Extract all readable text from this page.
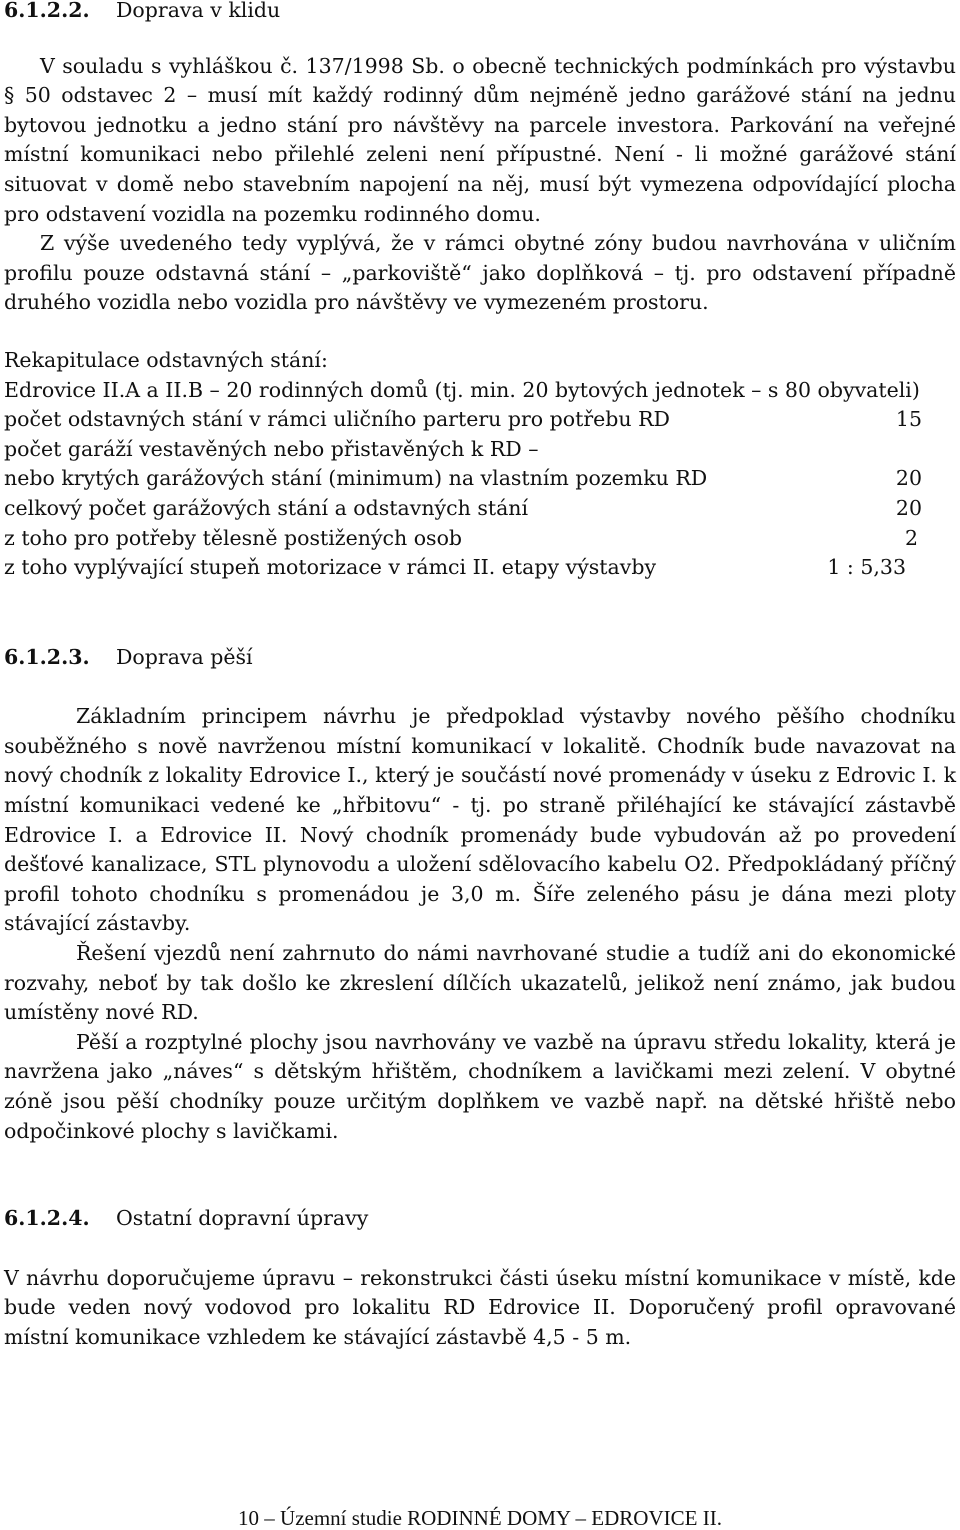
6.1.2.2. Doprava v klidu

V souladu s vyhláškou č. 137/1998 Sb. o obecně technických podmínkách pro výstavbu § 50 odstavec 2 – musí mít každý rodinný dům nejméně jedno garážové stání na jednu bytovou jednotku a jedno stání pro návštěvy na parcele investora. Parkování na veřejné místní komunikaci nebo přilehlé zeleni není přípustné. Není - li možné garážové stání situovat v domě nebo stavebním napojení na něj, musí být vymezena odpovídající plocha pro odstavení vozidla na pozemku rodinného domu.

Z výše uvedeného tedy vyplývá, že v rámci obytné zóny budou navrhována v uličním profilu pouze odstavná stání – „parkoviště“ jako doplňková – tj. pro odstavení případně druhého vozidla nebo vozidla pro návštěvy ve vymezeném prostoru.

Rekapitulace odstavných stání:
Edrovice II.A a II.B – 20 rodinných domů (tj. min. 20 bytových jednotek – s 80 obyvateli)
počet odstavných stání v rámci uličního parteru pro potřebu RD	15
počet garáží vestavěných nebo přistavěných k RD –
nebo krytých garážových stání (minimum) na vlastním pozemku RD	20
celkový počet garážových stání a odstavných stání	20
z toho pro potřeby tělesně postižených osob	2
z toho vyplývající stupeň motorizace v rámci II. etapy výstavby	1 : 5,33
6.1.2.3. Doprava pěší

Základním principem návrhu je předpoklad výstavby nového pěšího chodníku souběžného s nově navrženou místní komunikací v lokalitě. Chodník bude navazovat na nový chodník z lokality Edrovice I., který je součástí nové promenády v úseku z Edrovic I. k místní komunikaci vedené ke „hřbitovu“ - tj. po straně přiléhající ke stávající zástavbě Edrovice I. a Edrovice II. Nový chodník promenády bude vybudován až po provedení dešťové kanalizace, STL plynovodu a uložení sdělovacího kabelu O2. Předpokládaný příčný profil tohoto chodníku s promenádou je 3,0 m. Šíře zeleného pásu je dána mezi ploty stávající zástavby.

Řešení vjezdů není zahrnuto do námi navrhované studie a tudíž ani do ekonomické rozvahy, neboť by tak došlo ke zkreslení dílčích ukazatelů, jelikož není známo, jak budou umístěny nové RD.

Pěší a rozptylné plochy jsou navrhovány ve vazbě na úpravu středu lokality, která je navržena jako „náves“ s dětským hřištěm, chodníkem a lavičkami mezi zelení. V obytné zóně jsou pěší chodníky pouze určitým doplňkem ve vazbě např. na dětské hřiště nebo odpočinkové plochy s lavičkami.

6.1.2.4. Ostatní dopravní úpravy

V návrhu doporučujeme úpravu – rekonstrukci části úseku místní komunikace v místě, kde bude veden nový vodovod pro lokalitu RD Edrovice II. Doporučený profil opravované místní komunikace vzhledem ke stávající zástavbě 4,5 - 5 m.

10 – Územní studie RODINNÉ DOMY – EDROVICE II.
